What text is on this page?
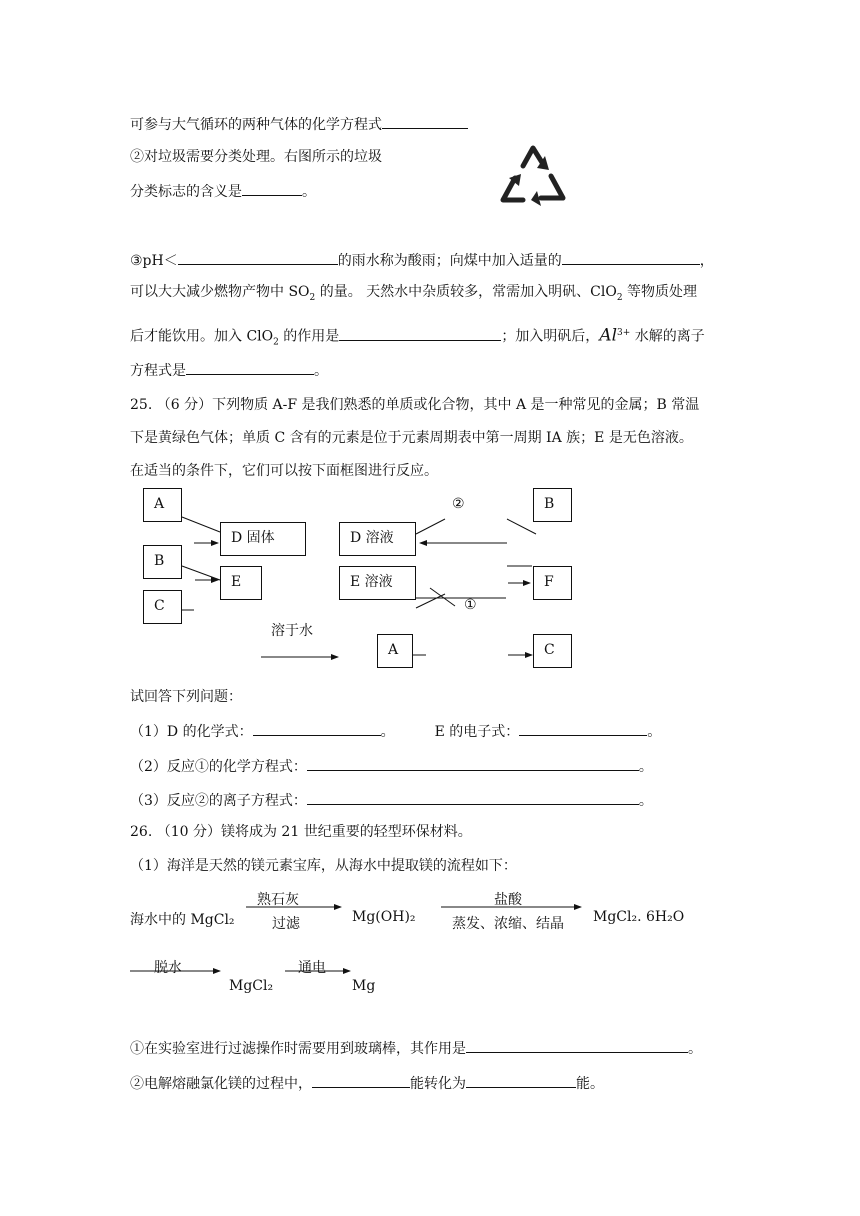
可参与大气循环的两种气体的化学方程式
②对垃圾需要分类处理。右图所示的垃圾
分类标志的含义是	。
③pH＜	的雨水称为酸雨；向煤中加入适量的	，
可以大大减少燃物产物中 $SO_2$ 的量。 天然水中杂质较多，常需加入明矾、ClO$_2$ 等物质处理
后才能饮用。加入 ClO$_2$ 的作用是	；加入明矾后，$Al^{3+}$ 水解的离子
方程式是	。
25. （6 分）下列物质 A-F 是我们熟悉的单质或化合物，其中 A 是一种常见的金属；B 常温
下是黄绿色气体；单质 C 含有的元素是位于元素周期表中第一周期 IA 族；E 是无色溶液。
在适当的条件下，它们可以按下面框图进行反应。
A
D 固体	D 溶液
B
B
E	E 溶液	F
C
A	C
②
①
溶于水
试回答下列问题：
（1）D 的化学式：	。	E 的电子式：	。
（2）反应①的化学方程式：	。
（3）反应②的离子方程式：	。
26. （10 分）镁将成为 21 世纪重要的轻型环保材料。
（1）海洋是天然的镁元素宝库，从海水中提取镁的流程如下：
海水中的 MgCl₂
熟石灰
过滤	Mg(OH)₂
盐酸
蒸发、浓缩、结晶 MgCl₂. 6H₂O
脱水
MgCl₂
通电
Mg
①在实验室进行过滤操作时需要用到玻璃棒，其作用是	。
②电解熔融氯化镁的过程中，	能转化为	能。
